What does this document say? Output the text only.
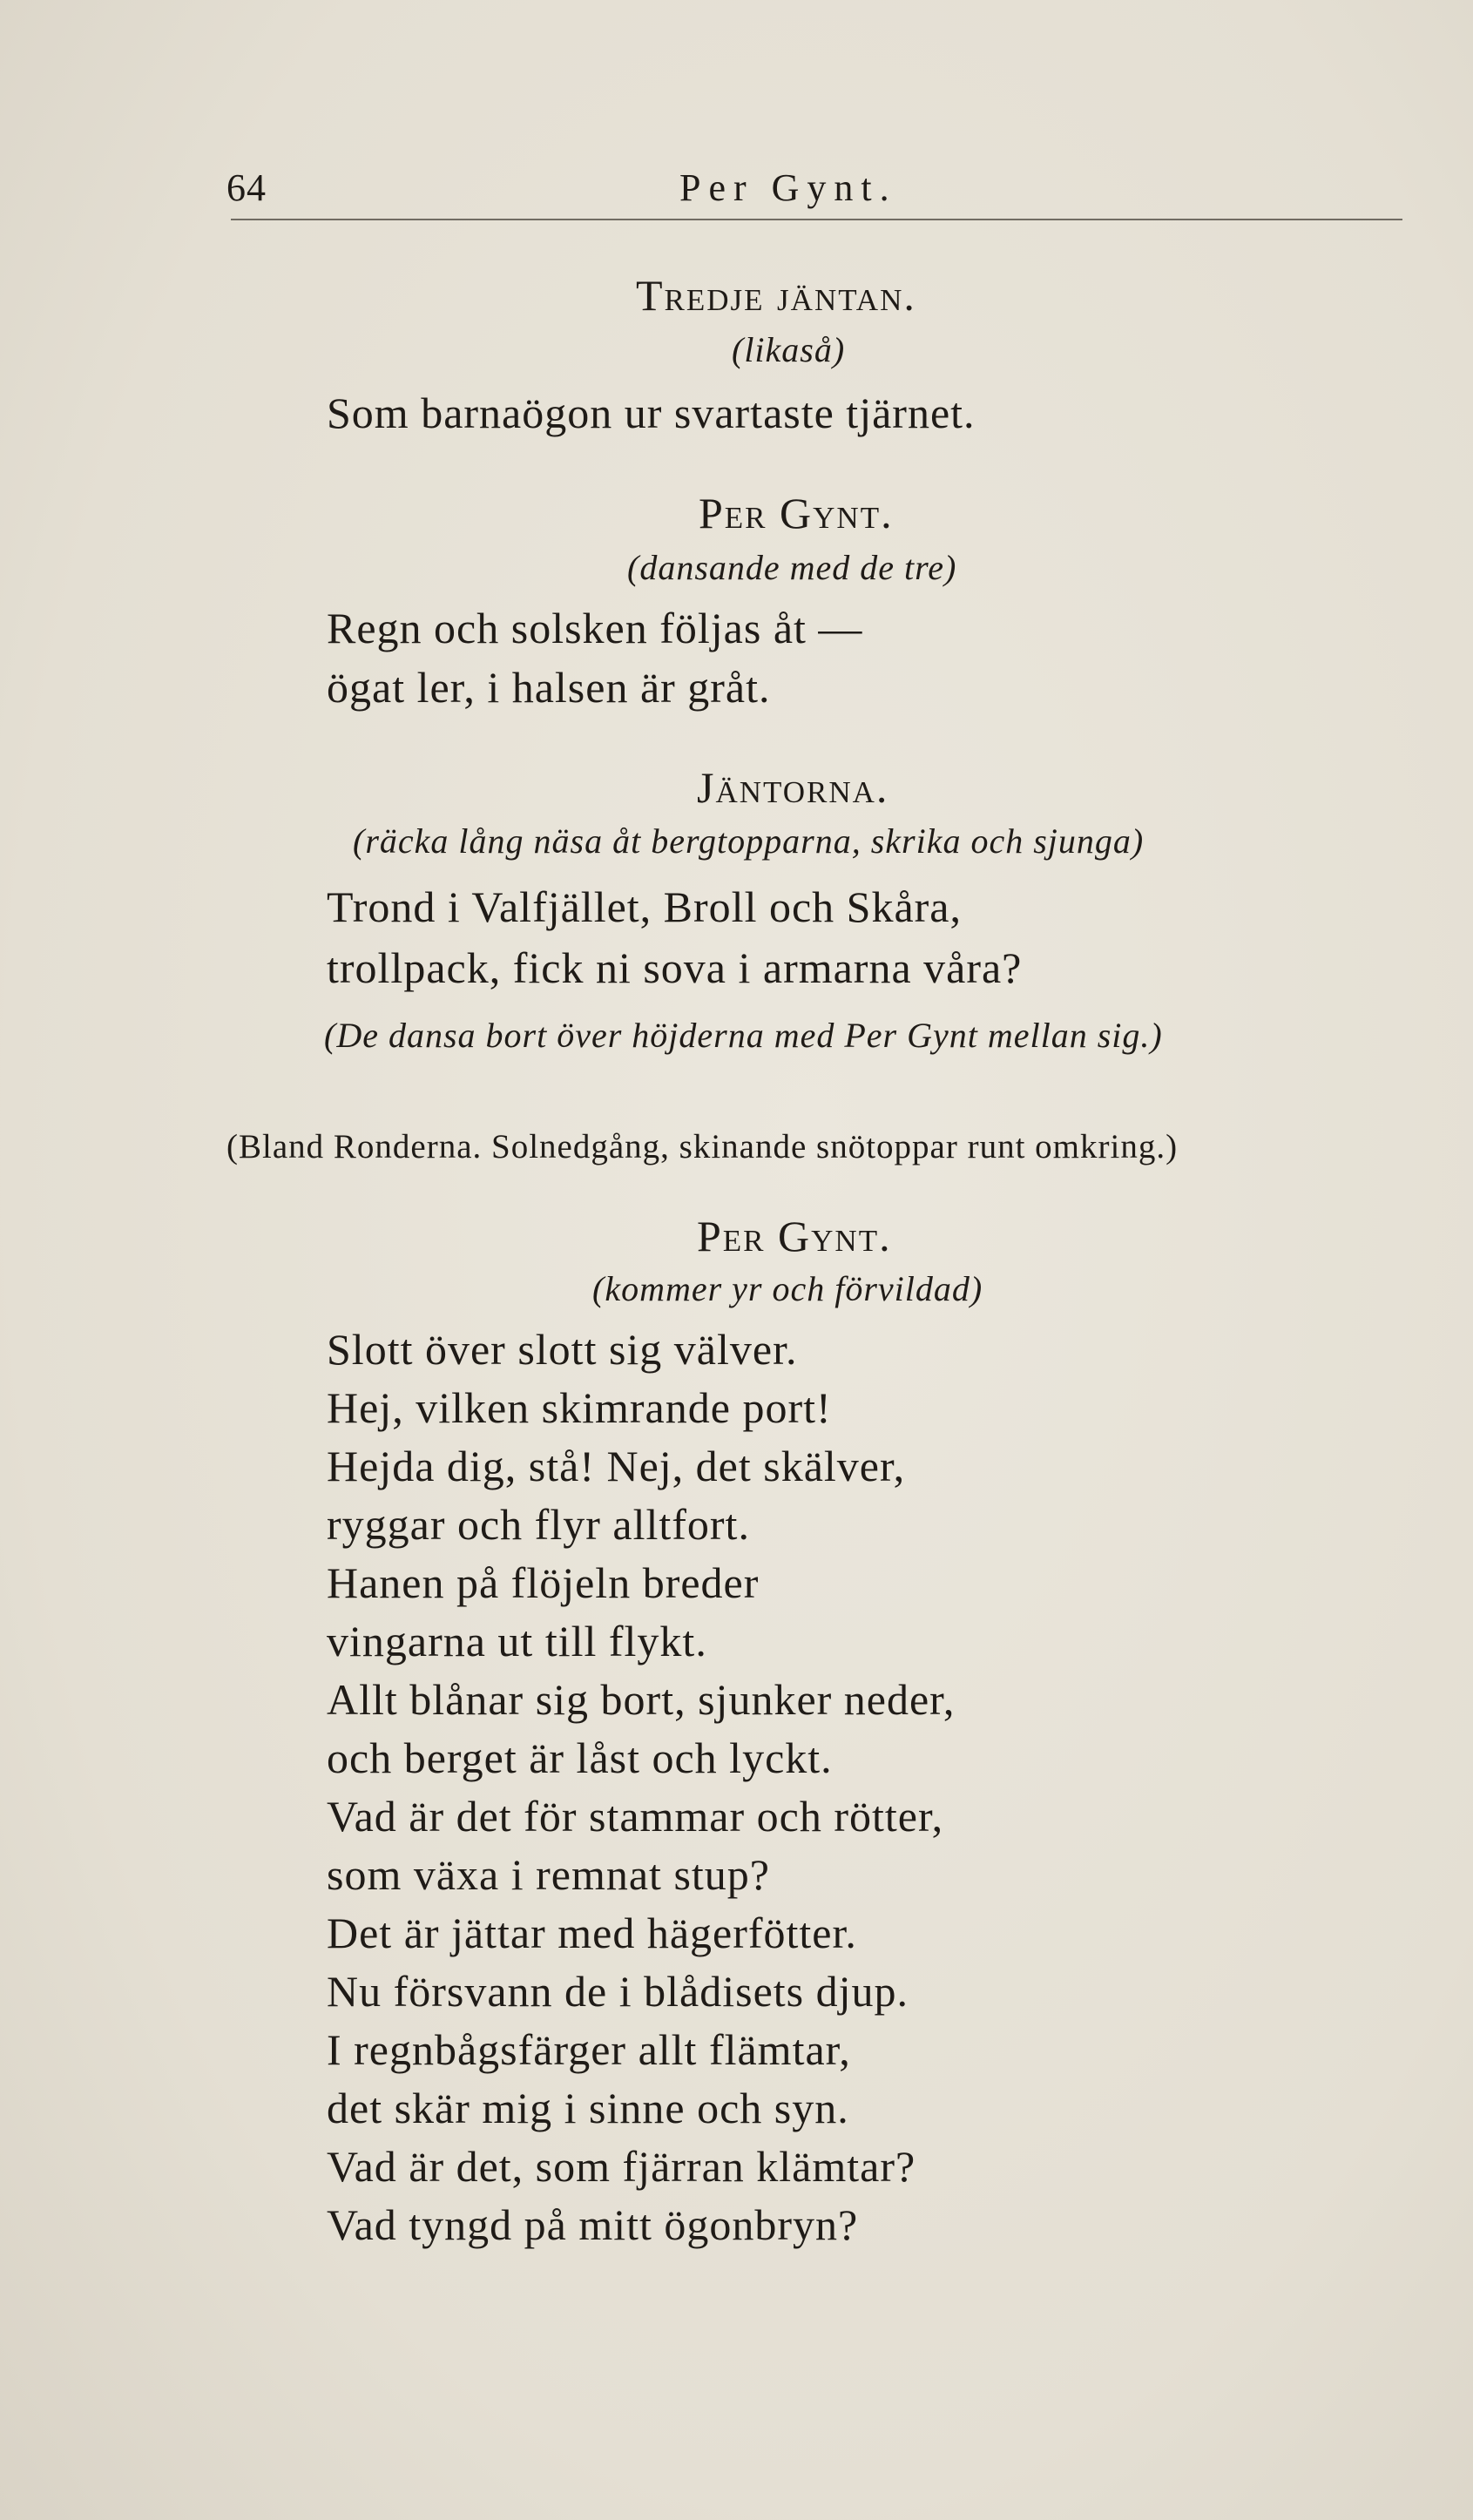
64	Per Gynt.
Tredje jäntan.
(likaså)
Som barnaögon ur svartaste tjärnet.
Per Gynt.
(dansande med de tre)
Regn och solsken följas åt —
ögat ler, i halsen är gråt.
Jäntorna.
(räcka lång näsa åt bergtopparna, skrika och sjunga)
Trond i Valfjället, Broll och Skåra,
trollpack, fick ni sova i armarna våra?
(De dansa bort över höjderna med Per Gynt mellan sig.)
(Bland Ronderna. Solnedgång, skinande snötoppar runt omkring.)
Per Gynt.
(kommer yr och förvildad)
Slott över slott sig välver.
Hej, vilken skimrande port!
Hejda dig, stå! Nej, det skälver,
ryggar och flyr alltfort.
Hanen på flöjeln breder
vingarna ut till flykt.
Allt blånar sig bort, sjunker neder,
och berget är låst och lyckt.
Vad är det för stammar och rötter,
som växa i remnat stup?
Det är jättar med hägerfötter.
Nu försvann de i blådisets djup.
I regnbågsfärger allt flämtar,
det skär mig i sinne och syn.
Vad är det, som fjärran klämtar?
Vad tyngd på mitt ögonbryn?
